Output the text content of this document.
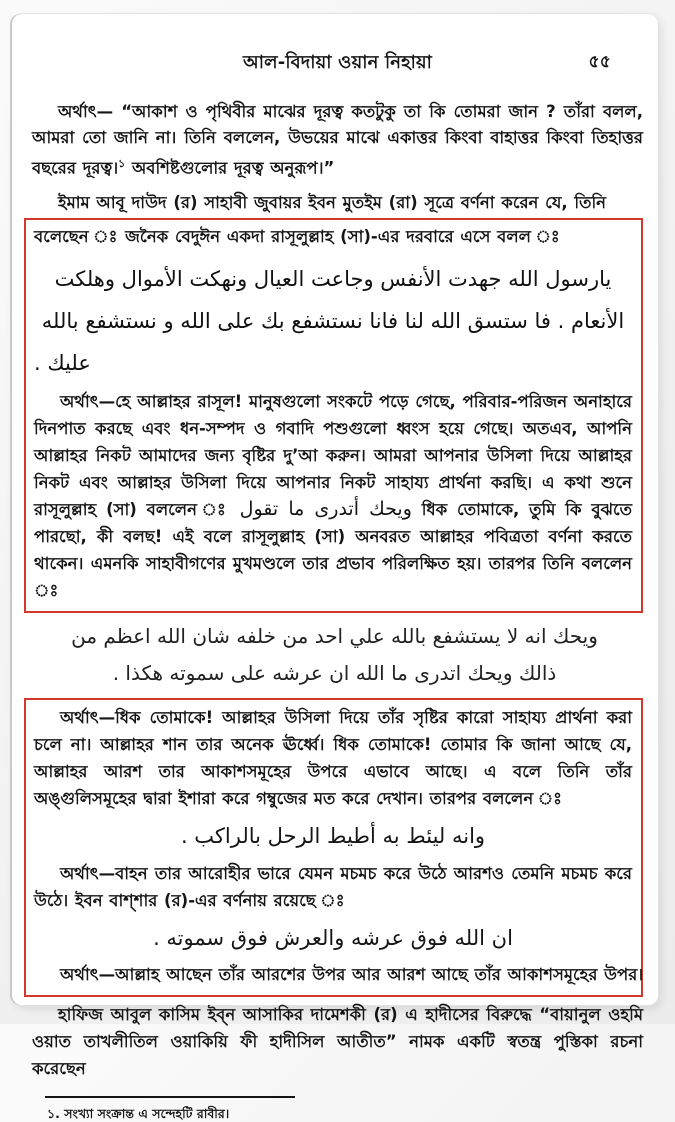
আল-বিদায়া ওয়ান নিহায়া	৫৫

অর্থাৎ— “আকাশ ও পৃথিবীর মাঝের দূরত্ব কতটুকু তা কি তোমরা জান ? তাঁরা বলল, আমরা তো জানি না। তিনি বললেন, উভয়ের মাঝে একাত্তর কিংবা বাহাত্তর কিংবা তিহাত্তর বছরের দূরত্ব।$^১$ অবশিষ্টগুলোর দূরত্ব অনুরূপ।”

ইমাম আবূ দাউদ (র) সাহাবী জুবায়র ইবন মুতইম (রা) সূত্রে বর্ণনা করেন যে, তিনি

বলেছেন ঃ জনৈক বেদুঈন একদা রাসূলুল্লাহ (সা)-এর দরবারে এসে বলল ঃ

يارسول الله جهدت الأنفس وجاعت العيال ونهكت الأموال وهلكت
الأنعام . فا ستسق الله لنا فانا نستشفع بك على الله و نستشفع بالله
عليك .

অর্থাৎ—হে আল্লাহর রাসূল! মানুষগুলো সংকটে পড়ে গেছে, পরিবার-পরিজন অনাহারে দিনপাত করছে এবং ধন-সম্পদ ও গবাদি পশুগুলো ধ্বংস হয়ে গেছে। অতএব, আপনি আল্লাহর নিকট আমাদের জন্য বৃষ্টির দু’আ করুন। আমরা আপনার উসিলা দিয়ে আল্লাহর নিকট এবং আল্লাহর উসিলা দিয়ে আপনার নিকট সাহায্য প্রার্থনা করছি। এ কথা শুনে রাসূলুল্লাহ (সা) বললেন ঃ ويحك أتدرى ما تقول ধিক তোমাকে, তুমি কি বুঝতে পারছো, কী বলছ! এই বলে রাসূলুল্লাহ (সা) অনবরত আল্লাহর পবিত্রতা বর্ণনা করতে থাকেন। এমনকি সাহাবীগণের মুখমণ্ডলে তার প্রভাব পরিলক্ষিত হয়। তারপর তিনি বললেন ঃ

ويحك انه لا يستشفع بالله علي احد من خلفه شان الله اعظم من
ذالك ويحك اتدرى ما الله ان عرشه على سموته هكذا .

অর্থাৎ—ধিক তোমাকে! আল্লাহর উসিলা দিয়ে তাঁর সৃষ্টির কারো সাহায্য প্রার্থনা করা চলে না। আল্লাহর শান তার অনেক ঊর্ধ্বে। ধিক তোমাকে! তোমার কি জানা আছে যে, আল্লাহর আরশ তার আকাশসমূহের উপরে এভাবে আছে। এ বলে তিনি তাঁর অঙ্গুলিসমূহের দ্বারা ইশারা করে গম্বুজের মত করে দেখান। তারপর বললেন ঃ

وانه ليئط به أطيط الرحل بالراكب .

অর্থাৎ—বাহন তার আরোহীর ভারে যেমন মচমচ করে উঠে আরশও তেমনি মচমচ করে উঠে। ইবন বাশ্‌শার (র)-এর বর্ণনায় রয়েছে ঃ

ان الله فوق عرشه والعرش فوق سموته .

অর্থাৎ—আল্লাহ আছেন তাঁর আরশের উপর আর আরশ আছে তাঁর আকাশসমূহের উপর।

হাফিজ আবুল কাসিম ইব্‌ন আসাকির দামেশকী (র) এ হাদীসের বিরুদ্ধে “বায়ানুল ওহমি ওয়াত তাখলীতিল ওয়াকিয়ি ফী হাদীসিল আতীত” নামক একটি স্বতন্ত্র পুস্তিকা রচনা করেছেন

১. সংখ্যা সংক্রান্ত এ সন্দেহটি রাবীর।
